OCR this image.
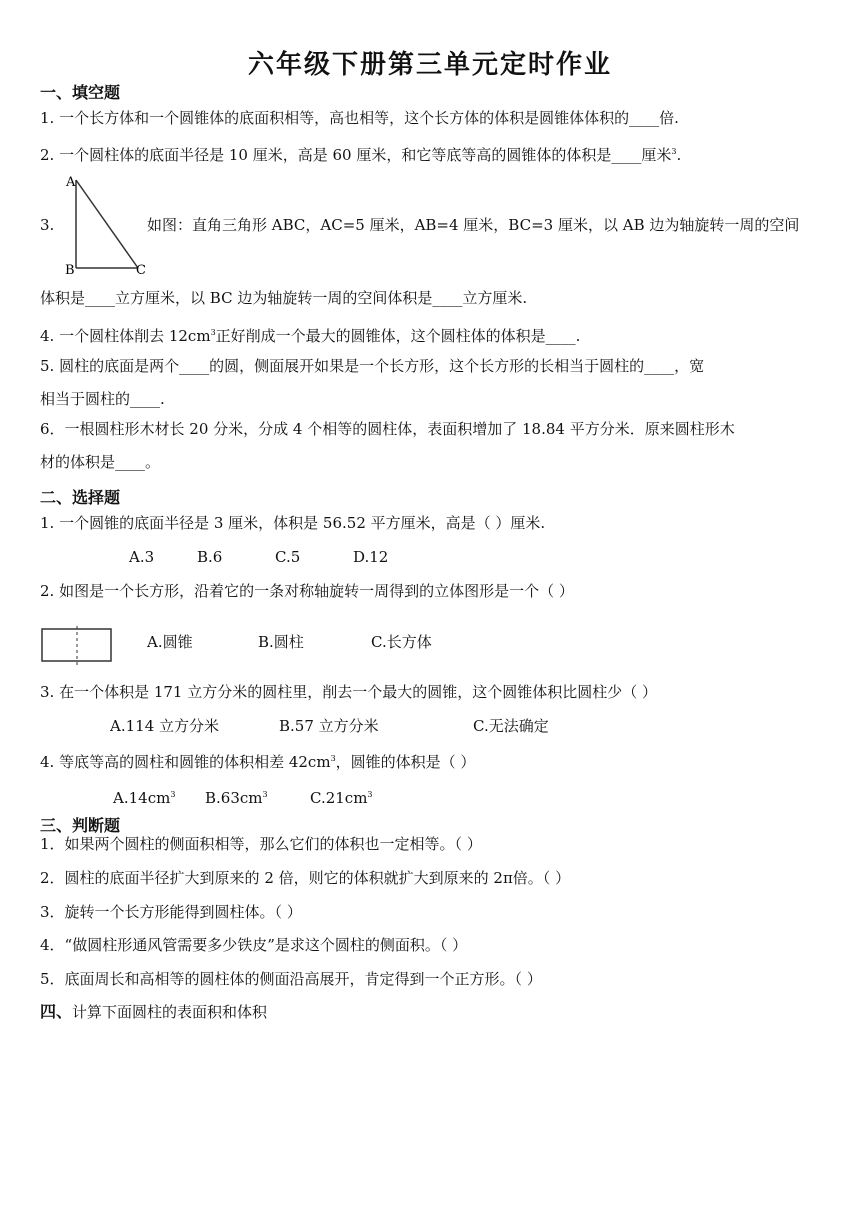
六年级下册第三单元定时作业
一、填空题
1. 一个长方体和一个圆锥体的底面积相等，高也相等，这个长方体的体积是圆锥体体积的____倍.
2. 一个圆柱体的底面半径是 10 厘米，高是 60 厘米，和它等底等高的圆锥体的体积是____厘米$^3$.
A
B	C
3.	如图：直角三角形 ABC，AC=5 厘米，AB=4 厘米，BC=3 厘米，以 AB 边为轴旋转一周的空间
体积是____立方厘米，以 BC 边为轴旋转一周的空间体积是____立方厘米.
4. 一个圆柱体削去 $12cm^3$正好削成一个最大的圆锥体，这个圆柱体的体积是____.
5. 圆柱的底面是两个____的圆，侧面展开如果是一个长方形，这个长方形的长相当于圆柱的____，宽
相当于圆柱的____.
6．一根圆柱形木材长 20 分米，分成 4 个相等的圆柱体，表面积增加了 18.84 平方分米．原来圆柱形木
材的体积是____。
二、选择题
1. 一个圆锥的底面半径是 3 厘米，体积是 56.52 平方厘米，高是（ ）厘米.
A.3	B.6	C.5	D.12
2. 如图是一个长方形，沿着它的一条对称轴旋转一周得到的立体图形是一个（ ）
A.圆锥	B.圆柱	C.长方体
3. 在一个体积是 171 立方分米的圆柱里，削去一个最大的圆锥，这个圆锥体积比圆柱少（ ）
A.114 立方分米	B.57 立方分米	C.无法确定
4. 等底等高的圆柱和圆锥的体积相差 $42cm^3$，圆锥的体积是（ ）
$A.14cm^3$ $B.63cm^3$	$C.21cm^3$
三、判断题
1．如果两个圆柱的侧面积相等，那么它们的体积也一定相等。（ ）
2．圆柱的底面半径扩大到原来的 2 倍，则它的体积就扩大到原来的 2π倍。（ ）
3．旋转一个长方形能得到圆柱体。（ ）
4．“做圆柱形通风管需要多少铁皮”是求这个圆柱的侧面积。（ ）
5．底面周长和高相等的圆柱体的侧面沿高展开，肯定得到一个正方形。（ ）
四、计算下面圆柱的表面积和体积
